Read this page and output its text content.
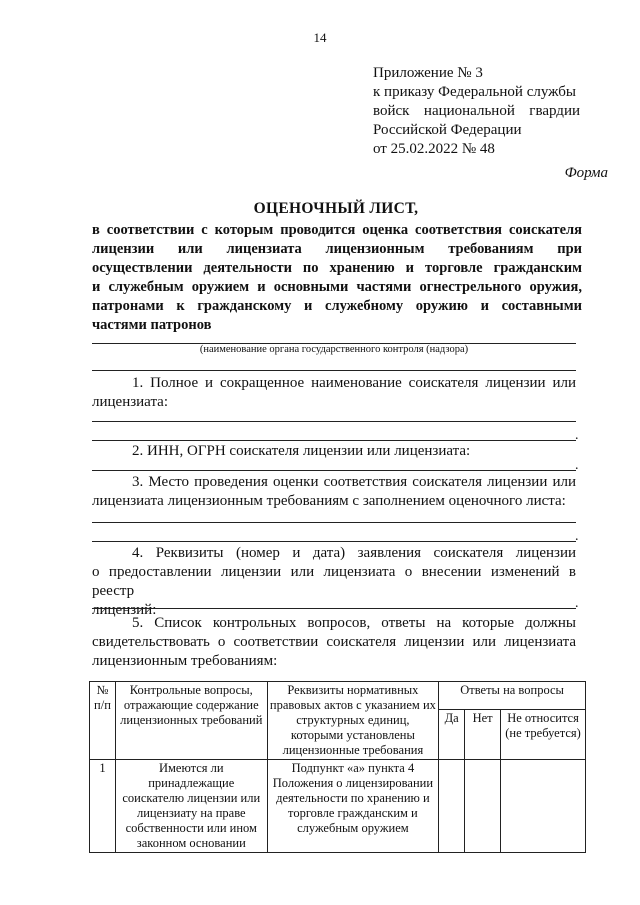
14
Приложение № 3
к приказу Федеральной службы
войск национальной гвардии
Российской Федерации
от 25.02.2022 № 48
Форма
ОЦЕНОЧНЫЙ ЛИСТ,
в соответствии с которым проводится оценка соответствия соискателя
лицензии или лицензиата лицензионным требованиям при
осуществлении деятельности по хранению и торговле гражданским
и служебным оружием и основными частями огнестрельного оружия,
патронами к гражданскому и служебному оружию и составными
частями патронов
(наименование органа государственного контроля (надзора)
1. Полное и сокращенное наименование соискателя лицензии или
лицензиата:
.
2. ИНН, ОГРН соискателя лицензии или лицензиата:
.
3. Место проведения оценки соответствия соискателя лицензии или
лицензиата лицензионным требованиям с заполнением оценочного листа:
.
4. Реквизиты (номер и дата) заявления соискателя лицензии
о предоставлении лицензии или лицензиата о внесении изменений в реестр
лицензий:	.
5. Список контрольных вопросов, ответы на которые должны
свидетельствовать о соответствии соискателя лицензии или лицензиата
лицензионным требованиям:
№ п/п	Контрольные вопросы, отражающие содержание лицензионных требований	Реквизиты нормативных правовых актов с указанием их структурных единиц, которыми установлены лицензионные требования	Ответы на вопросы		
			Да	Нет	Не относится (не требуется)
1	Имеются ли принадлежащие соискателю лицензии или лицензиату на праве собственности или ином законном основании	Подпункт «а» пункта 4 Положения о лицензировании деятельности по хранению и торговле гражданским и служебным оружием			
